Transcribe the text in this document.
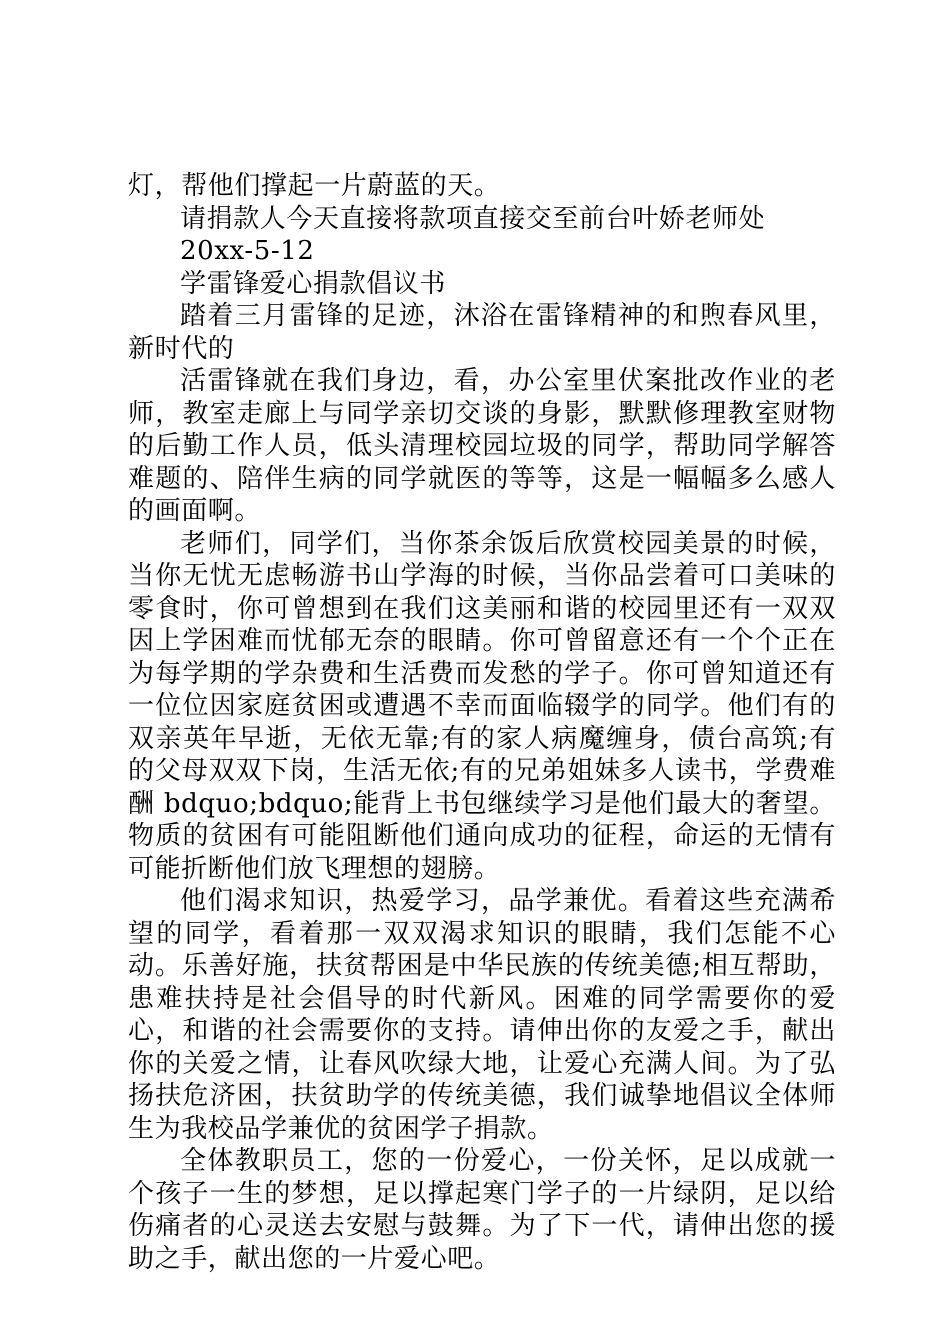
灯，帮他们撑起一片蔚蓝的天。

请捐款人今天直接将款项直接交至前台叶娇老师处

20xx-5-12

学雷锋爱心捐款倡议书

踏着三月雷锋的足迹，沐浴在雷锋精神的和煦春风里，新时代的

活雷锋就在我们身边，看，办公室里伏案批改作业的老师，教室走廊上与同学亲切交谈的身影，默默修理教室财物的后勤工作人员，低头清理校园垃圾的同学，帮助同学解答难题的、陪伴生病的同学就医的等等，这是一幅幅多么感人的画面啊。

老师们，同学们，当你茶余饭后欣赏校园美景的时候，当你无忧无虑畅游书山学海的时候，当你品尝着可口美味的零食时，你可曾想到在我们这美丽和谐的校园里还有一双双因上学困难而忧郁无奈的眼睛。你可曾留意还有一个个正在为每学期的学杂费和生活费而发愁的学子。你可曾知道还有一位位因家庭贫困或遭遇不幸而面临辍学的同学。他们有的双亲英年早逝，无依无靠;有的家人病魔缠身，债台高筑;有的父母双双下岗，生活无依;有的兄弟姐妹多人读书，学费难酬 bdquo;bdquo;能背上书包继续学习是他们最大的奢望。物质的贫困有可能阻断他们通向成功的征程，命运的无情有可能折断他们放飞理想的翅膀。

他们渴求知识，热爱学习，品学兼优。看着这些充满希望的同学，看着那一双双渴求知识的眼睛，我们怎能不心动。乐善好施，扶贫帮困是中华民族的传统美德;相互帮助，患难扶持是社会倡导的时代新风。困难的同学需要你的爱心，和谐的社会需要你的支持。请伸出你的友爱之手，献出你的关爱之情，让春风吹绿大地，让爱心充满人间。为了弘扬扶危济困，扶贫助学的传统美德，我们诚挚地倡议全体师生为我校品学兼优的贫困学子捐款。

全体教职员工，您的一份爱心，一份关怀，足以成就一个孩子一生的梦想，足以撑起寒门学子的一片绿阴，足以给伤痛者的心灵送去安慰与鼓舞。为了下一代，请伸出您的援助之手，献出您的一片爱心吧。
